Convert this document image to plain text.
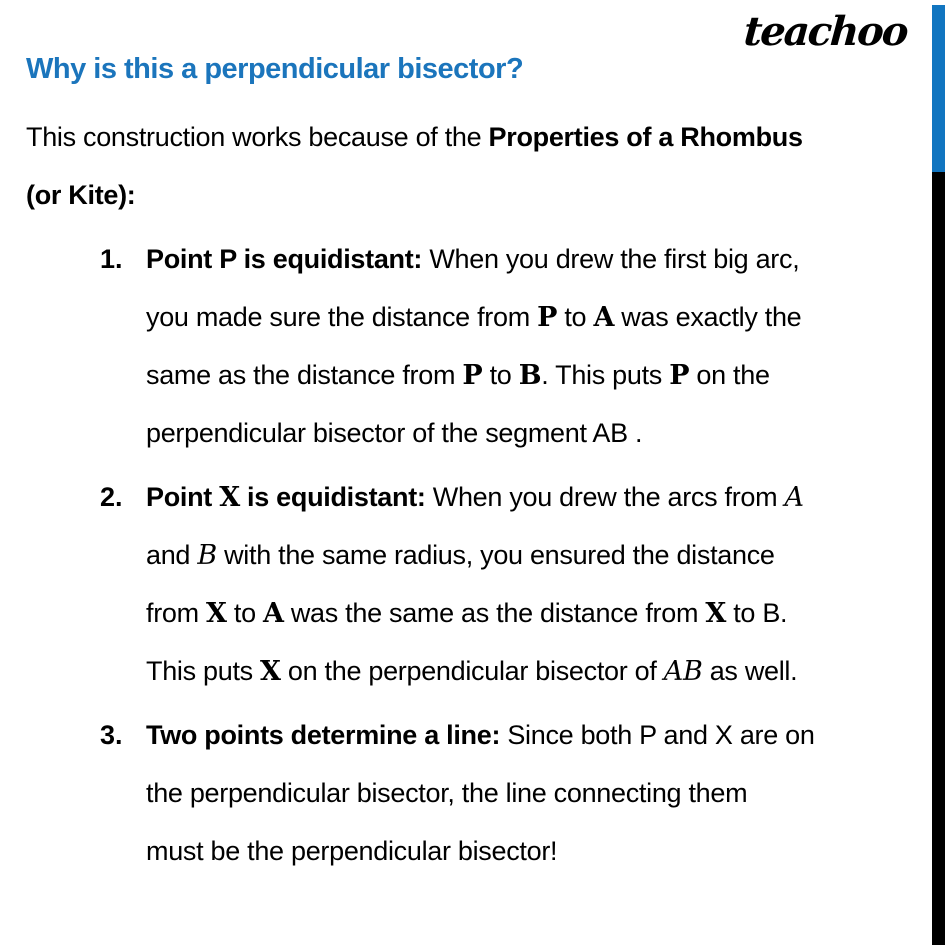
teachoo
Why is this a perpendicular bisector?
This construction works because of the Properties of a Rhombus
(or Kite):
1. Point P is equidistant: When you drew the first big arc,
you made sure the distance from P to A was exactly the
same as the distance from P to B. This puts P on the
perpendicular bisector of the segment AB .
2. Point X is equidistant: When you drew the arcs from A
and B with the same radius, you ensured the distance
from X to A was the same as the distance from X to B.
This puts X on the perpendicular bisector of AB as well.
3. Two points determine a line: Since both P and X are on
the perpendicular bisector, the line connecting them
must be the perpendicular bisector!
